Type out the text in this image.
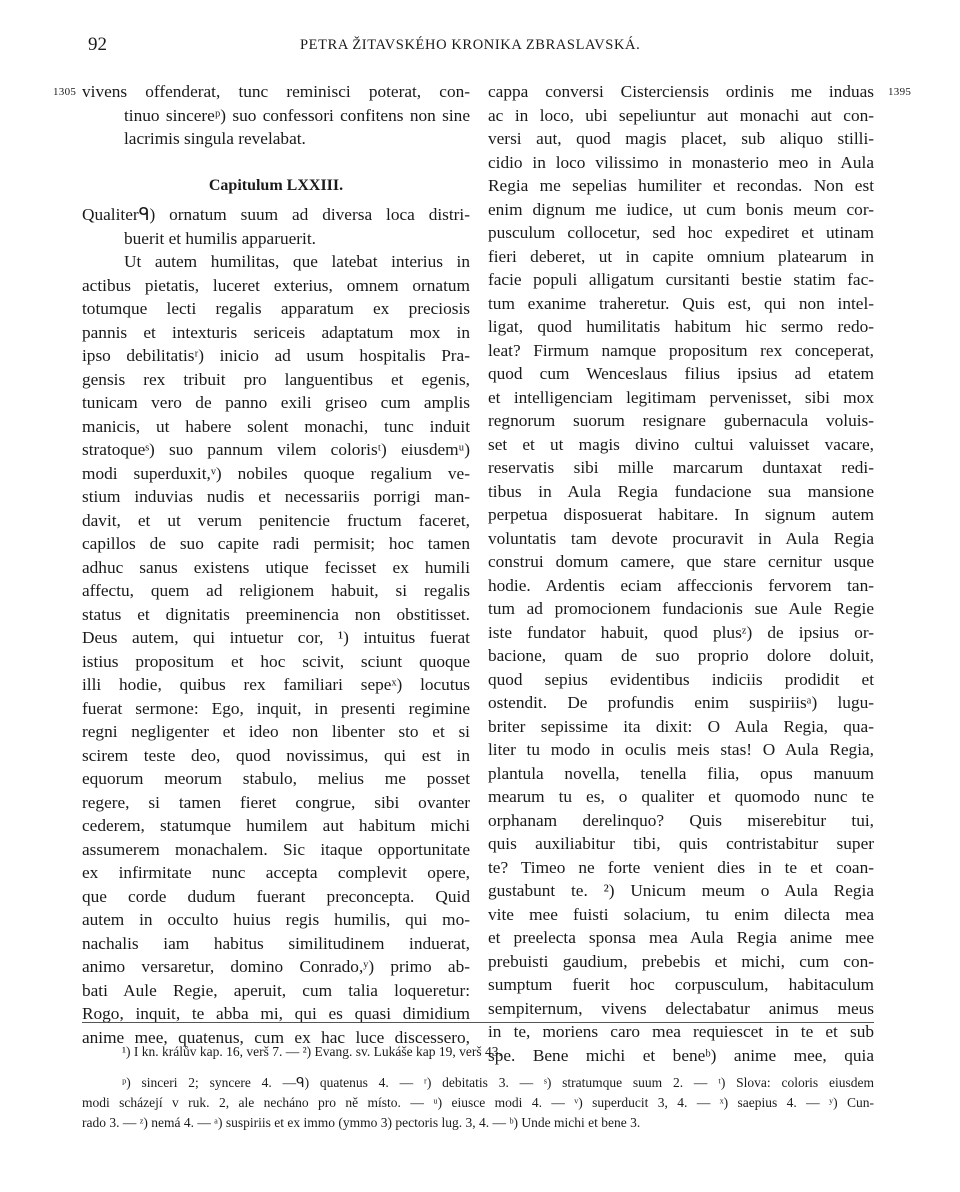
92	PETRA ŽITAVSKÉHO KRONIKA ZBRASLAVSKÁ.
1305	1395
vivens offenderat, tunc reminisci poterat, con-
tinuo sincereᵖ) suo confessori confitens non sine
lacrimis singula revelabat.
Capitulum LXXIII.
Qualiterᑫ) ornatum suum ad diversa loca distri-
buerit et humilis apparuerit.
Ut autem humilitas, que latebat interius in
actibus pietatis, luceret exterius, omnem ornatum
totumque lecti regalis apparatum ex preciosis
pannis et intexturis sericeis adaptatum mox in
ipso debilitatisʳ) inicio ad usum hospitalis Pra-
gensis rex tribuit pro languentibus et egenis,
tunicam vero de panno exili griseo cum amplis
manicis, ut habere solent monachi, tunc induit
stratoqueˢ) suo pannum vilem colorisᵗ) eiusdemᵘ)
modi superduxit,ᵛ) nobiles quoque regalium ve-
stium induvias nudis et necessariis porrigi man-
davit, et ut verum penitencie fructum faceret,
capillos de suo capite radi permisit; hoc tamen
adhuc sanus existens utique fecisset ex humili
affectu, quem ad religionem habuit, si regalis
status et dignitatis preeminencia non obstitisset.
Deus autem, qui intuetur cor, ¹) intuitus fuerat
istius propositum et hoc scivit, sciunt quoque
illi hodie, quibus rex familiari sepeˣ) locutus
fuerat sermone: Ego, inquit, in presenti regimine
regni negligenter et ideo non libenter sto et si
scirem teste deo, quod novissimus, qui est in
equorum meorum stabulo, melius me posset
regere, si tamen fieret congrue, sibi ovanter
cederem, statumque humilem aut habitum michi
assumerem monachalem. Sic itaque opportunitate
ex infirmitate nunc accepta complevit opere,
que corde dudum fuerant preconcepta. Quid
autem in occulto huius regis humilis, qui mo-
nachalis iam habitus similitudinem induerat,
animo versaretur, domino Conrado,ʸ) primo ab-
bati Aule Regie, aperuit, cum talia loqueretur:
Rogo, inquit, te abba mi, qui es quasi dimidium
anime mee, quatenus, cum ex hac luce discessero,
cappa conversi Cisterciensis ordinis me induas
ac in loco, ubi sepeliuntur aut monachi aut con-
versi aut, quod magis placet, sub aliquo stilli-
cidio in loco vilissimo in monasterio meo in Aula
Regia me sepelias humiliter et recondas. Non est
enim dignum me iudice, ut cum bonis meum cor-
pusculum collocetur, sed hoc expediret et utinam
fieri deberet, ut in capite omnium platearum in
facie populi alligatum cursitanti bestie statim fac-
tum exanime traheretur. Quis est, qui non intel-
ligat, quod humilitatis habitum hic sermo redo-
leat? Firmum namque propositum rex conceperat,
quod cum Wenceslaus filius ipsius ad etatem
et intelligenciam legitimam pervenisset, sibi mox
regnorum suorum resignare gubernacula voluis-
set et ut magis divino cultui valuisset vacare,
reservatis sibi mille marcarum duntaxat redi-
tibus in Aula Regia fundacione sua mansione
perpetua disposuerat habitare. In signum autem
voluntatis tam devote procuravit in Aula Regia
construi domum camere, que stare cernitur usque
hodie. Ardentis eciam affeccionis fervorem tan-
tum ad promocionem fundacionis sue Aule Regie
iste fundator habuit, quod plusᶻ) de ipsius or-
bacione, quam de suo proprio dolore doluit,
quod sepius evidentibus indiciis prodidit et
ostendit. De profundis enim suspiriisᵃ) lugu-
briter sepissime ita dixit: O Aula Regia, qua-
liter tu modo in oculis meis stas! O Aula Regia,
plantula novella, tenella filia, opus manuum
mearum tu es, o qualiter et quomodo nunc te
orphanam derelinquo? Quis miserebitur tui,
quis auxiliabitur tibi, quis contristabitur super
te? Timeo ne forte venient dies in te et coan-
gustabunt te. ²) Unicum meum o Aula Regia
vite mee fuisti solacium, tu enim dilecta mea
et preelecta sponsa mea Aula Regia anime mee
prebuisti gaudium, prebebis et michi, cum con-
sumptum fuerit hoc corpusculum, habitaculum
sempiternum, vivens delectabatur animus meus
in te, moriens caro mea requiescet in te et sub
spe. Bene michi et beneᵇ) anime mee, quia
¹) I kn. králův kap. 16, verš 7. — ²) Evang. sv. Lukáše kap 19, verš 43.
ᵖ) sinceri 2; syncere 4. —ᑫ) quatenus 4. — ʳ) debitatis 3. — ˢ) stratumque suum 2. — ᵗ) Slova: coloris eiusdem
modi scházejí v ruk. 2, ale necháno pro ně místo. — ᵘ) eiusce modi 4. — ᵛ) superducit 3, 4. — ˣ) saepius 4. — ʸ) Cun-
rado 3. — ᶻ) nemá 4. — ᵃ) suspiriis et ex immo (ymmo 3) pectoris lug. 3, 4. — ᵇ) Unde michi et bene 3.
